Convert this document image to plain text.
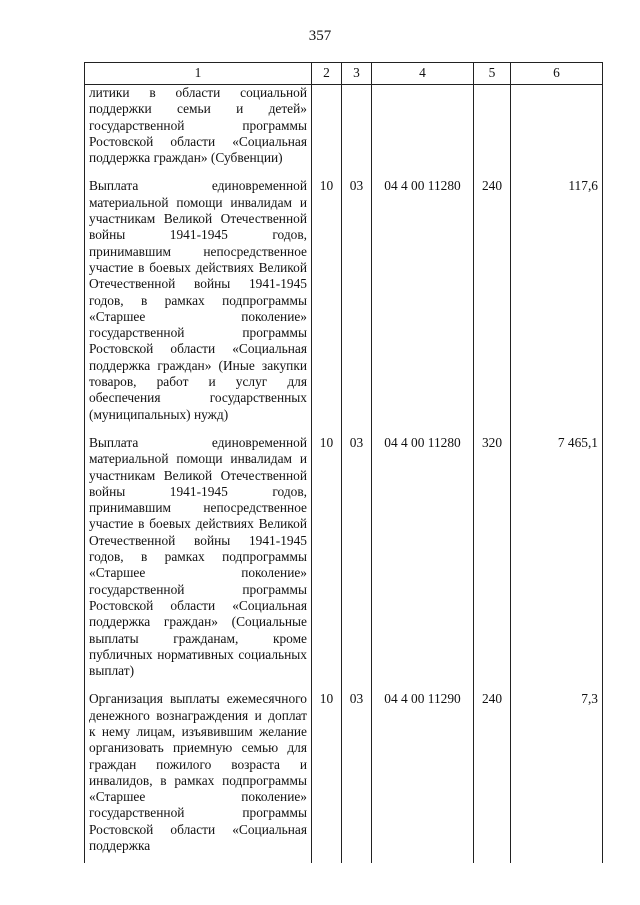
357
1	2	3	4	5	6
литики в области социальной поддержки семьи и детей» государственной программы Ростовской области «Социальная поддержка граждан» (Субвенции)					
Выплата единовременной материальной помощи инвалидам и участникам Великой Отечественной войны 1941-1945 годов, принимавшим непосредственное участие в боевых действиях Великой Отечественной войны 1941-1945 годов, в рамках подпрограммы «Старшее поколение» государственной программы Ростовской области «Социальная поддержка граждан» (Иные закупки товаров, работ и услуг для обеспечения государственных (муниципальных) нужд)	10	03	04 4 00 11280	240	117,6
Выплата единовременной материальной помощи инвалидам и участникам Великой Отечественной войны 1941-1945 годов, принимавшим непосредственное участие в боевых действиях Великой Отечественной войны 1941-1945 годов, в рамках подпрограммы «Старшее поколение» государственной программы Ростовской области «Социальная поддержка граждан» (Социальные выплаты гражданам, кроме публичных нормативных социальных выплат)	10	03	04 4 00 11280	320	7 465,1
Организация выплаты ежемесячного денежного вознаграждения и доплат к нему лицам, изъявившим желание организовать приемную семью для граждан пожилого возраста и инвалидов, в рамках подпрограммы «Старшее поколение» государственной программы Ростовской области «Социальная поддержка	10	03	04 4 00 11290	240	7,3
